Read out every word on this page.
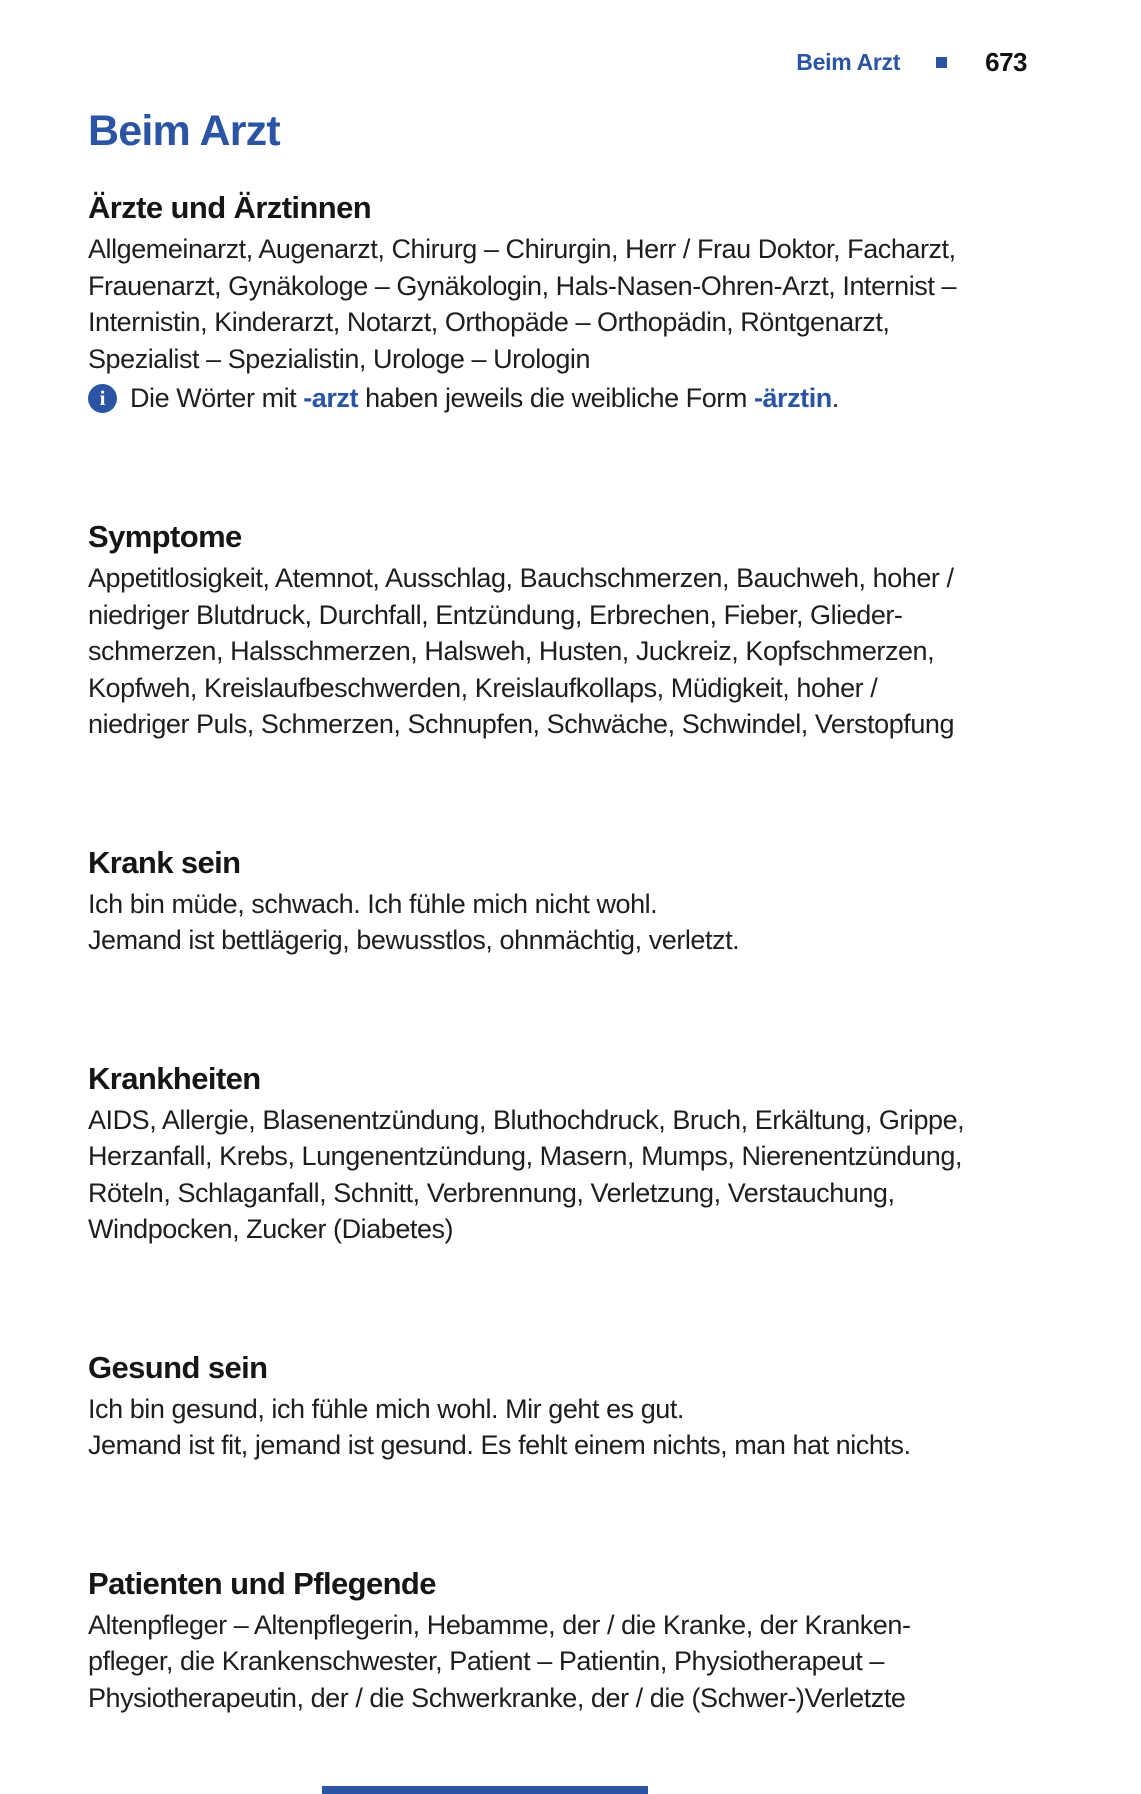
Beim Arzt	673
Beim Arzt
Ärzte und Ärztinnen
Allgemeinarzt, Augenarzt, Chirurg – Chirurgin, Herr / Frau Doktor, Facharzt,
Frauenarzt, Gynäkologe – Gynäkologin, Hals-Nasen-Ohren-Arzt, Internist –
Internistin, Kinderarzt, Notarzt, Orthopäde – Orthopädin, Röntgenarzt,
Spezialist – Spezialistin, Urologe – Urologin
i Die Wörter mit -arzt haben jeweils die weibliche Form -ärztin.
Symptome
Appetitlosigkeit, Atemnot, Ausschlag, Bauchschmerzen, Bauchweh, hoher /
niedriger Blutdruck, Durchfall, Entzündung, Erbrechen, Fieber, Glieder-
schmerzen, Halsschmerzen, Halsweh, Husten, Juckreiz, Kopfschmerzen,
Kopfweh, Kreislaufbeschwerden, Kreislaufkollaps, Müdigkeit, hoher /
niedriger Puls, Schmerzen, Schnupfen, Schwäche, Schwindel, Verstopfung
Krank sein
Ich bin müde, schwach. Ich fühle mich nicht wohl.
Jemand ist bettlägerig, bewusstlos, ohnmächtig, verletzt.
Krankheiten
AIDS, Allergie, Blasenentzündung, Bluthochdruck, Bruch, Erkältung, Grippe,
Herzanfall, Krebs, Lungenentzündung, Masern, Mumps, Nierenentzündung,
Röteln, Schlaganfall, Schnitt, Verbrennung, Verletzung, Verstauchung,
Windpocken, Zucker (Diabetes)
Gesund sein
Ich bin gesund, ich fühle mich wohl. Mir geht es gut.
Jemand ist fit, jemand ist gesund. Es fehlt einem nichts, man hat nichts.
Patienten und Pflegende
Altenpfleger – Altenpflegerin, Hebamme, der / die Kranke, der Kranken-
pfleger, die Krankenschwester, Patient – Patientin, Physiotherapeut –
Physiotherapeutin, der / die Schwerkranke, der / die (Schwer-)Verletzte
